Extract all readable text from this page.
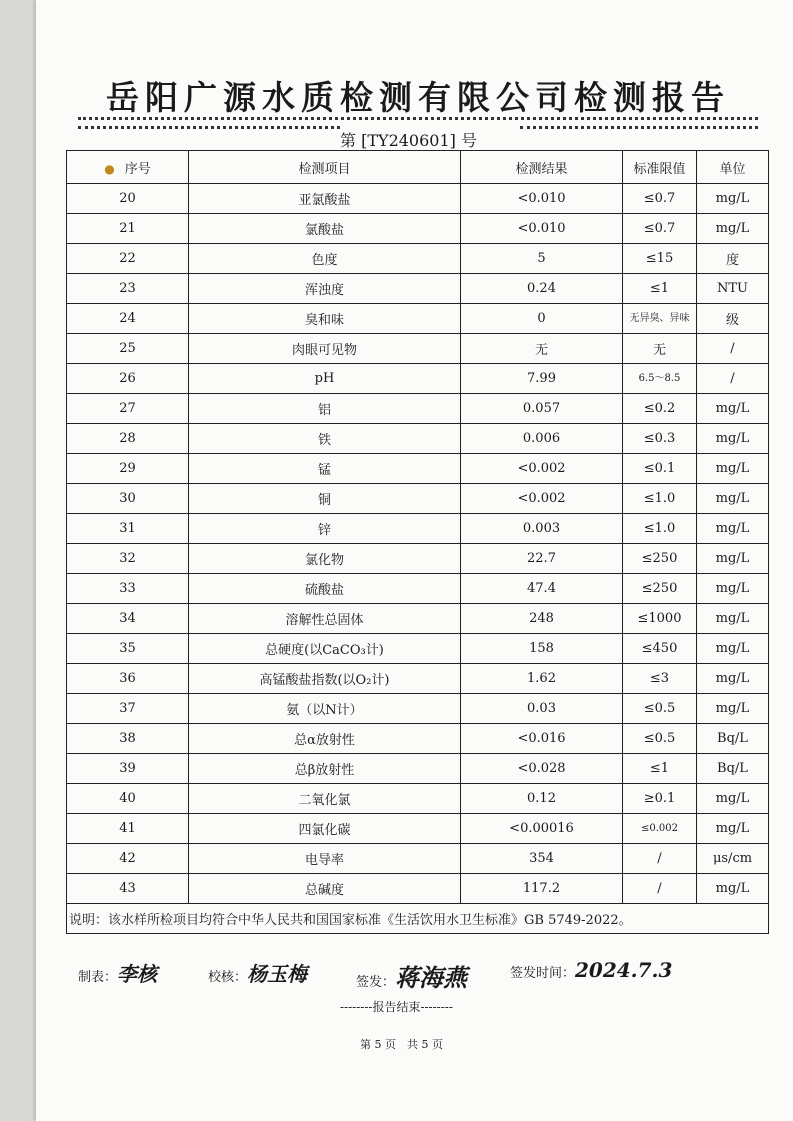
岳阳广源水质检测有限公司检测报告
第 [TY240601] 号
● 序号	检测项目	检测结果	标准限值	单位
20	亚氯酸盐	<0.010	≤0.7	mg/L
21	氯酸盐	<0.010	≤0.7	mg/L
22	色度	5	≤15	度
23	浑浊度	0.24	≤1	NTU
24	臭和味	0	无异臭、异味	级
25	肉眼可见物	无	无	/
26	pH	7.99	6.5～8.5	/
27	铝	0.057	≤0.2	mg/L
28	铁	0.006	≤0.3	mg/L
29	锰	<0.002	≤0.1	mg/L
30	铜	<0.002	≤1.0	mg/L
31	锌	0.003	≤1.0	mg/L
32	氯化物	22.7	≤250	mg/L
33	硫酸盐	47.4	≤250	mg/L
34	溶解性总固体	248	≤1000	mg/L
35	总硬度(以CaCO₃计)	158	≤450	mg/L
36	高锰酸盐指数(以O₂计)	1.62	≤3	mg/L
37	氨（以N计）	0.03	≤0.5	mg/L
38	总α放射性	<0.016	≤0.5	Bq/L
39	总β放射性	<0.028	≤1	Bq/L
40	二氧化氯	0.12	≥0.1	mg/L
41	四氯化碳	<0.00016	≤0.002	mg/L
42	电导率	354	/	μs/cm
43	总碱度	117.2	/	mg/L
说明：该水样所检项目均符合中华人民共和国国家标准《生活饮用水卫生标准》GB 5749-2022。				
制表：李核	校核：杨玉梅	签发：蒋海燕	签发时间：2024.7.3
--------报告结束--------
第 5 页　共 5 页
